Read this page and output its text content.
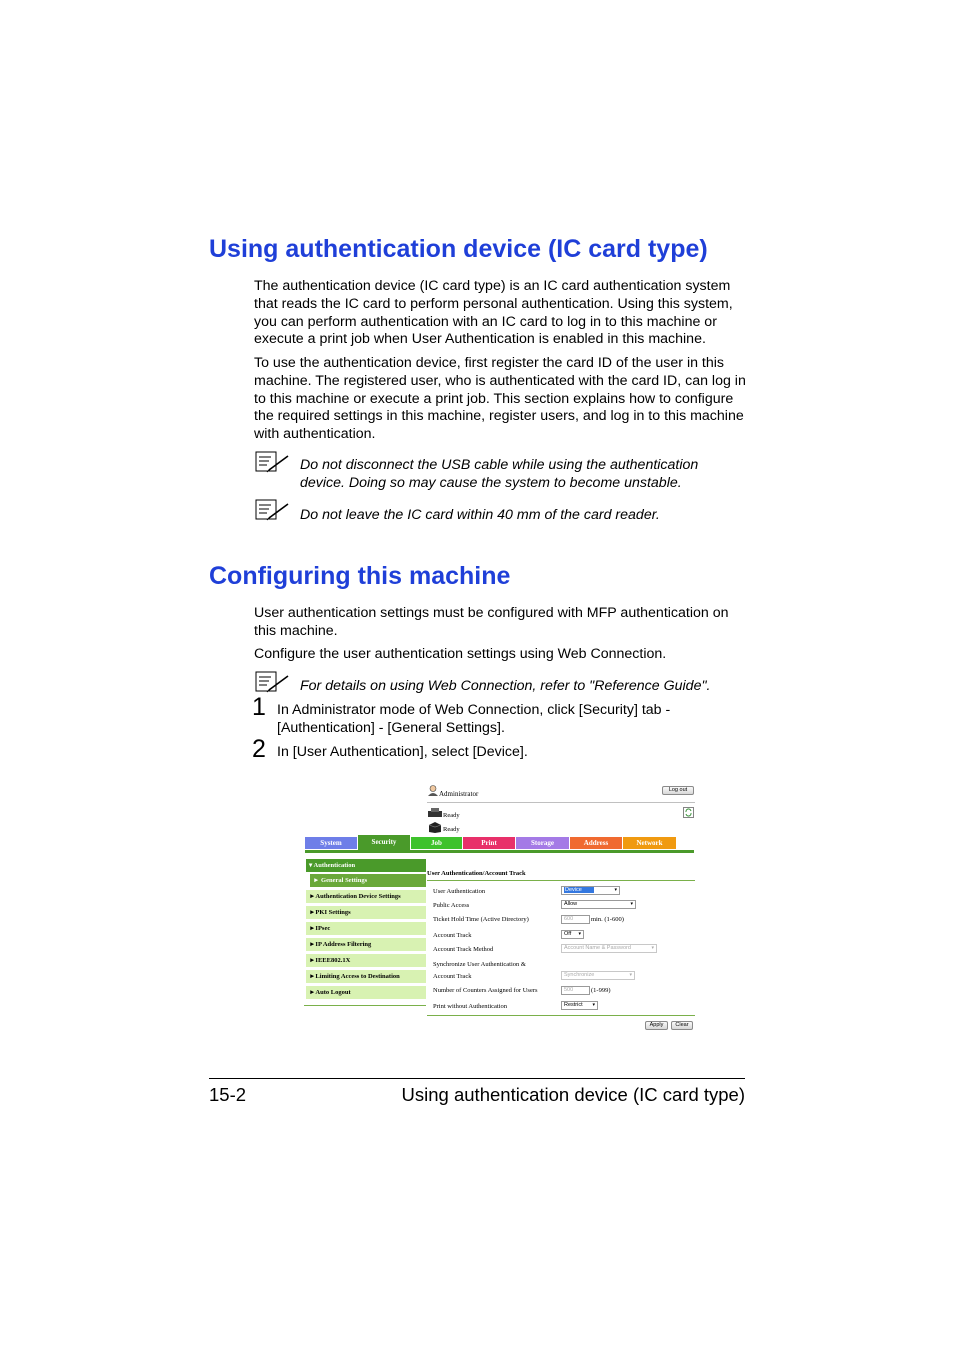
Using authentication device (IC card type)

The authentication device (IC card type) is an IC card authentication system that reads the IC card to perform personal authentication. Using this system, you can perform authentication with an IC card to log in to this machine or execute a print job when User Authentication is enabled in this machine.

To use the authentication device, first register the card ID of the user in this machine. The registered user, who is authenticated with the card ID, can log in to this machine or execute a print job. This section explains how to configure the required settings in this machine, register users, and log in to this machine with authentication.

Do not disconnect the USB cable while using the authentication device. Doing so may cause the system to become unstable.

Do not leave the IC card within 40 mm of the card reader.

Configuring this machine

User authentication settings must be configured with MFP authentication on this machine.

Configure the user authentication settings using Web Connection.

For details on using Web Connection, refer to "Reference Guide".

1 In Administrator mode of Web Connection, click [Security] tab - [Authentication] - [General Settings].

2 In [User Authentication], select [Device].

Administrator	Log out
Ready
Ready
System	Security	Job	Print	Storage	Address	Network
▾ Authentication
► General Settings
►Authentication Device Settings
►PKI Settings
►IPsec
►IP Address Filtering
►IEEE802.1X
►Limiting Access to Destination
►Auto Logout
User Authentication/Account Track
User Authentication	Device	▾
Public Access	Allow	▾
Ticket Hold Time (Active Directory)	600	min. (1-600)
Account Track	Off ▾
Account Track Method	Account Name & Password	▾
Synchronize User Authentication &
Account Track	Synchronize	▾
Number of Counters Assigned for Users	500	(1-999)
Print without Authentication	Restrict ▾
Apply	Clear
15-2	Using authentication device (IC card type)
